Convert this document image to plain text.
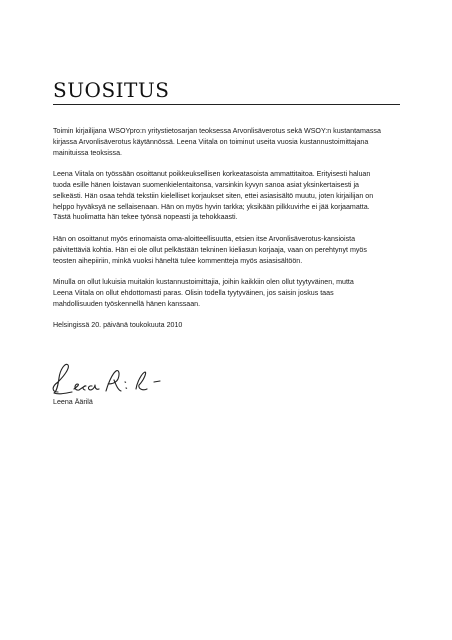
SUOSITUS

Toimin kirjailijana WSOYpro:n yritystietosarjan teoksessa Arvonlisäverotus sekä WSOY:n kustantamassa
kirjassa Arvonlisäverotus käytännössä. Leena Viitala on toiminut useita vuosia kustannustoimittajana
mainituissa teoksissa.

Leena Viitala on työssään osoittanut poikkeuksellisen korkeatasoista ammattitaitoa. Erityisesti haluan
tuoda esille hänen loistavan suomenkielentaitonsa, varsinkin kyvyn sanoa asiat yksinkertaisesti ja
selkeästi. Hän osaa tehdä tekstiin kielelliset korjaukset siten, ettei asiasisältö muutu, joten kirjailijan on
helppo hyväksyä ne sellaisenaan. Hän on myös hyvin tarkka; yksikään pilkkuvirhe ei jää korjaamatta.
Tästä huolimatta hän tekee työnsä nopeasti ja tehokkaasti.

Hän on osoittanut myös erinomaista oma-aloitteellisuutta, etsien itse Arvonlisäverotus-kansioista
päivitettäviä kohtia. Hän ei ole ollut pelkästään tekninen kieliasun korjaaja, vaan on perehtynyt myös
teosten aihepiiriin, minkä vuoksi häneltä tulee kommentteja myös asiasisältöön.

Minulla on ollut lukuisia muitakin kustannustoimittajia, joihin kaikkiin olen ollut tyytyväinen, mutta
Leena Viitala on ollut ehdottomasti paras. Olisin todella tyytyväinen, jos saisin joskus taas
mahdollisuuden työskennellä hänen kanssaan.

Helsingissä 20. päivänä toukokuuta 2010

Leena Äärilä
